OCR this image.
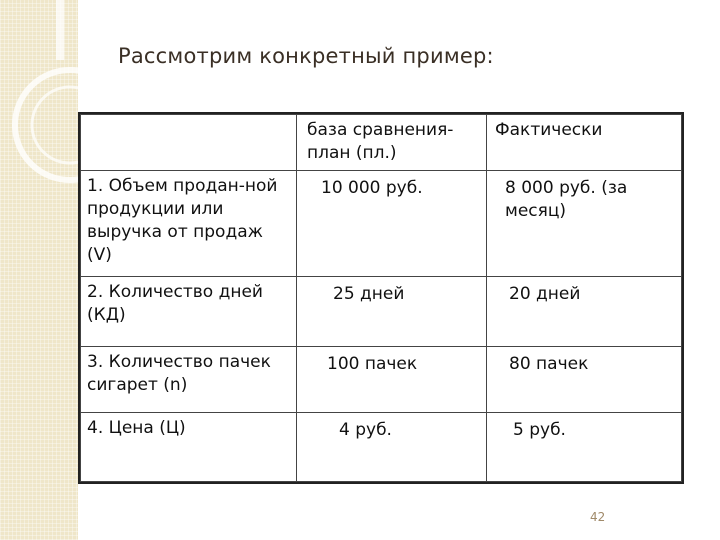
Рассмотрим конкретный пример:
	база сравнения-план (пл.)	Фактически
1. Объем продан-ной продукции или выручка от продаж (V)	10 000 руб.	8 000 руб. (за месяц)
2. Количество дней (КД)	25 дней	20 дней
3. Количество пачек сигарет (n)	100 пачек	80 пачек
4. Цена (Ц)	4 руб.	5 руб.
42
